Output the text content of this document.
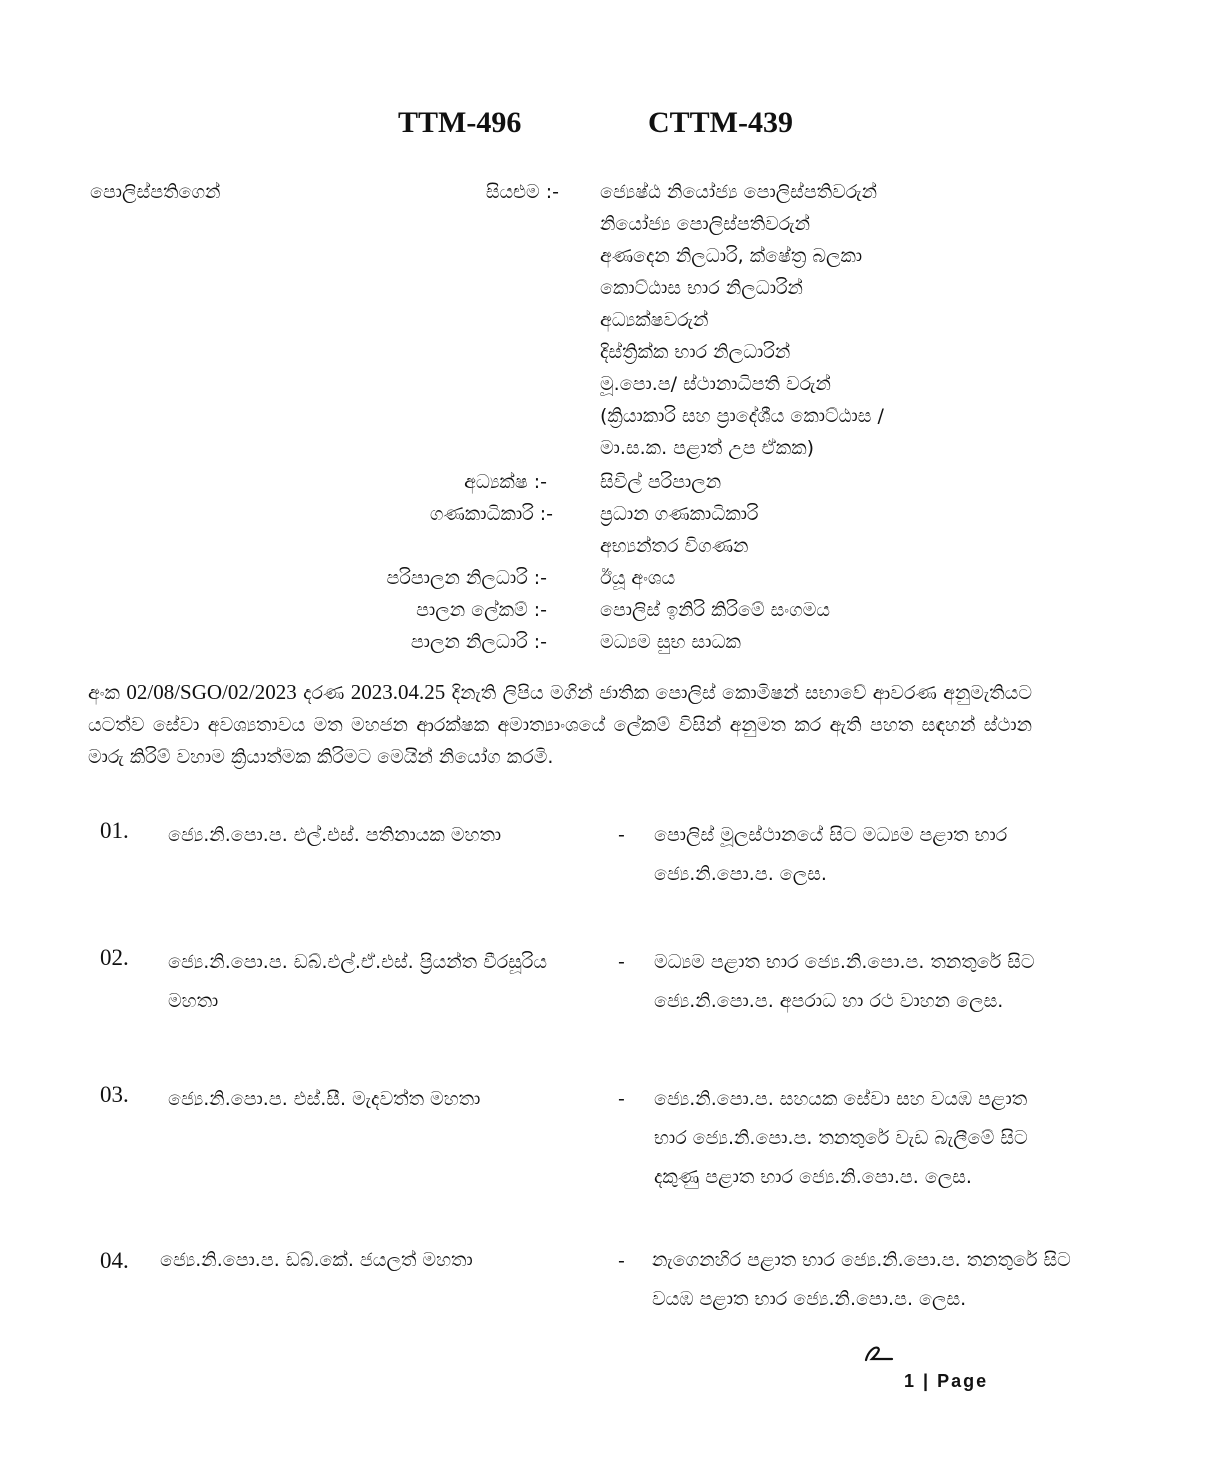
TTM-496	CTTM-439
පොලිස්පතිගෙන්	සියළුම :- ජ්‍යෙෂ්ඨ නියෝජ්‍ය පොලිස්පතිවරුන්
නියෝජ්‍ය පොලිස්පතිවරුන්
අණදෙන නිලධාරි, ක්ෂේත්‍ර බලකා
කොට්ඨාස භාර නිලධාරින්
අධ්‍යක්ෂවරුන්
දිස්ත්‍රික්ක භාර නිලධාරින්
මූ.පො.ප/ ස්ථානාධිපති වරුන්
(ක්‍රියාකාරි සහ ප්‍රාදේශීය කොට්ඨාස /
මා.ස.ක. පළාත් උප ඒකක)
අධ්‍යක්ෂ :-	සිවිල් පරිපාලන
ගණකාධිකාරි :- ප්‍රධාන ගණකාධිකාරි
අභ්‍යන්තර විගණන
පරිපාලන නිලධාරි :-	ඊයූ අංශය
පාලන ලේකම් :-	පොලිස් ඉනිරි කිරිමේ සංගමය
පාලන නිලධාරි :-	මධ්‍යම සුභ සාධක
අංක 02/08/SGO/02/2023 දරණ 2023.04.25 දිනැති ලිපිය මගින් ජාතික පොලිස් කොමිෂන් සභාවේ ආවරණ අනුමැතියට යටත්ව සේවා අවශ්‍යතාවය මත මහජන ආරක්ෂක අමාත්‍යාංශයේ ලේකම් විසින් අනුමත කර ඇති පහත සඳහන් ස්ථාන මාරු කිරිම් වහාම ක්‍රියාත්මක කිරිමට මෙයින් නියෝග කරමි.
01. ජ්‍යෙ.නි.පො.ප. එල්.එස්. පතිනායක මහතා	- පොලිස් මූලස්ථානයේ සිට මධ්‍යම පළාත භාර ජ්‍යෙ.නි.පො.ප. ලෙස.
02. ජ්‍යෙ.නි.පො.ප. ඩබ්.එල්.ඒ.එස්. ප්‍රියන්ත වීරසූරිය මහතා
- මධ්‍යම පළාත භාර ජ්‍යෙ.නි.පො.ප. තනතුරේ සිට ජ්‍යෙ.නි.පො.ප. අපරාධ හා රථ වාහන ලෙස.
03. ජ්‍යෙ.නි.පො.ප. එස්.සී. මැදවත්ත මහතා	- ජ්‍යෙ.නි.පො.ප. සහයක සේවා සහ වයඹ පළාත භාර ජ්‍යෙ.නි.පො.ප. තනතුරේ වැඩ බැලීමේ සිට දකුණු පළාත භාර ජ්‍යෙ.නි.පො.ප. ලෙස.
04. ජ්‍යෙ.නි.පො.ප. ඩබ්.කේ. ජයලත් මහතා	- නැගෙනහිර පළාත භාර ජ්‍යෙ.නි.පො.ප. තනතුරේ සිට වයඹ පළාත භාර ජ්‍යෙ.නි.පො.ප. ලෙස.
1 | Page
